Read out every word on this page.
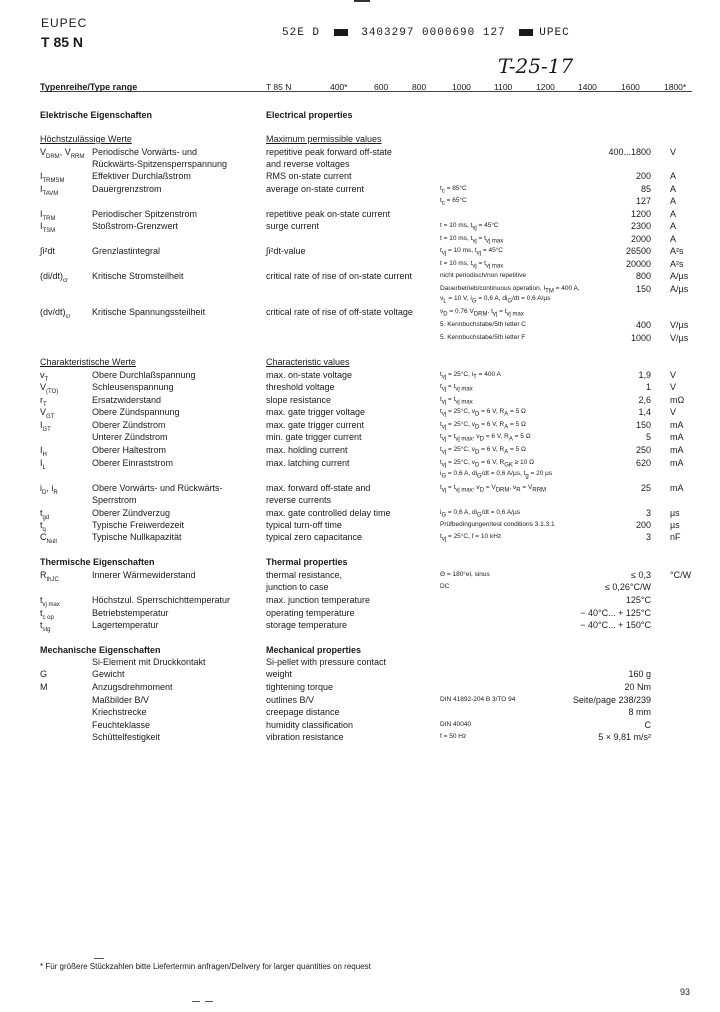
EUPEC
T 85 N
52E D	3403297 0000690 127	UPEC
T-25-17
Typenreihe/Type range	T 85 N	400*	600	800	1000	1100	1200	1400	1600	1800*
Elektrische Eigenschaften	Electrical properties
Höchstzulässige Werte	Maximum permissible values
Charakteristische Werte	Characteristic values
Thermische Eigenschaften	Thermal properties
Mechanische Eigenschaften	Mechanical properties
$V_{DRM}$, $V_{RRM}$ Periodische Vorwärts- und	repetitive peak forward off-state	400...1800 V
Rückwärts-Spitzensperrspannung	and reverse voltages
$I_{TRMSM}$	Effektiver Durchlaßstrom	RMS on-state current	200 A
$I_{TAVM}$	Dauergrenzstrom	average on-state current	$t_c = 85^\circ C$	85 A
$t_c = 65^\circ C$	127 A
$I_{TRM}$	Periodischer Spitzenstrom	repetitive peak on-state current	1200 A
$I_{TSM}$	Stoßstrom-Grenzwert	surge current	t = 10 ms, $t_{vj} = 45^\circ C$	2300 A
t = 10 ms, $t_{vj} = t_{vj max}$	2000 A
∫i²dt	Grenzlastintegral	∫i²dt-value	$t_{vj} = 10$ ms, $t_{vj} = 45^\circ C$	26500 A²s
t = 10 ms, $t_{vj} = t_{vj max}$	20000 A²s
$(di/dt)_{cr}$	Kritische Stromsteilheit	critical rate of rise of on-state current	nicht periodisch/non repetitive	800 A/µs
Dauerbetrieb/continuous operation, $I_{TM} = 400$ A,	150 A/µs
$v_L = 10$ V, $i_G = 0,6$ A, $di_G/dt = 0,6$ A/µs
$(dv/dt)_{cr}$ Kritische Spannungssteilheit	critical rate of rise of off-state voltage	$v_D = 0,76$ $V_{DRM}$, $t_{vj} = t_{vj max}$
5. Kennbuchstabe/5th letter C	400 V/µs
5. Kennbuchstabe/5th letter F	1000 V/µs
$v_T$	Obere Durchlaßspannung	max. on-state voltage	$t_{vj} = 25^\circ C$, $i_T = 400$ A	1,9 V
$V_{(TO)}$	Schleusenspannung	threshold voltage	$t_{vj} = t_{vj max}$	1 V
$r_T$	Ersatzwiderstand	slope resistance	$t_{vj} = t_{vj max}$	2,6 mΩ
$V_{GT}$	Obere Zündspannung	max. gate trigger voltage	$t_{vj} = 25^\circ C$, $v_D = 6$ V, $R_A = 5$ Ω	1,4 V
$I_{GT}$	Oberer Zündstrom	max. gate trigger current	$t_{vj} = 25^\circ C$, $v_D = 6$ V, $R_A = 5$ Ω	150 mA
Unterer Zündstrom	min. gate trigger current	$t_{vj} = t_{vj max}$, $v_D = 6$ V, $R_A = 5$ Ω	5 mA
$I_H$	Oberer Haltestrom	max. holding current	$t_{vj} = 25^\circ C$, $v_D = 6$ V, $R_A = 5$ Ω	250 mA
$I_L$	Oberer Einraststrom	max. latching current	$t_{vj} = 25^\circ C$, $v_D = 6$ V, $R_{GK} \ge 10$ Ω	620 mA
$i_G = 0,6$ A, $di_G/dt = 0,6$ A/µs, $t_g = 20$ µs
$i_D$, $i_R$	Obere Vorwärts- und Rückwärts-	max. forward off-state and	$t_{vj} = t_{vj max}$, $v_D = V_{DRM}$, $v_R = V_{RRM}$	25 mA
Sperrstrom	reverse currents
$t_{gd}$	Oberer Zündverzug	max. gate controlled delay time	$i_G = 0,6$ A, $di_G/dt = 0,6$ A/µs	3 µs
$t_q$	Typische Freiwerdezeit	typical turn-off time	Prüfbedingungen/test conditions 3.1.3.1	200 µs
$C_{Null}$	Typische Nullkapazität	typical zero capacitance	$t_{vj} = 25^\circ C$, f = 10 kHz	3 nF
$R_{thJC}$	Innerer Wärmewiderstand	thermal resistance,	Θ = 180°el, sinus	≤ 0,3 °C/W
junction to case	DC	≤ 0,26°C/W
$t_{vj max}$	Höchstzul. Sperrschichttemperatur	max. junction temperature	125°C
$t_{c op}$	Betriebstemperatur	operating temperature	− 40°C... + 125°C
$t_{stg}$	Lagertemperatur	storage temperature	− 40°C... + 150°C
Si-Element mit Druckkontakt	Si-pellet with pressure contact
G	Gewicht	weight	160 g
M	Anzugsdrehmoment	tightening torque	20 Nm
Maßbilder B/V	outlines B/V	DIN 41892-204 B 3/TO 94	Seite/page 238/239
Kriechstrecke	creepage distance	8 mm
Feuchteklasse	humidity classification	DIN 40040	C
Schüttelfestigkeit	vibration resistance	f = 50 Hz	5 × 9,81 m/s²
* Für größere Stückzahlen bitte Liefertermin anfragen/Delivery for larger quantities on request
93
